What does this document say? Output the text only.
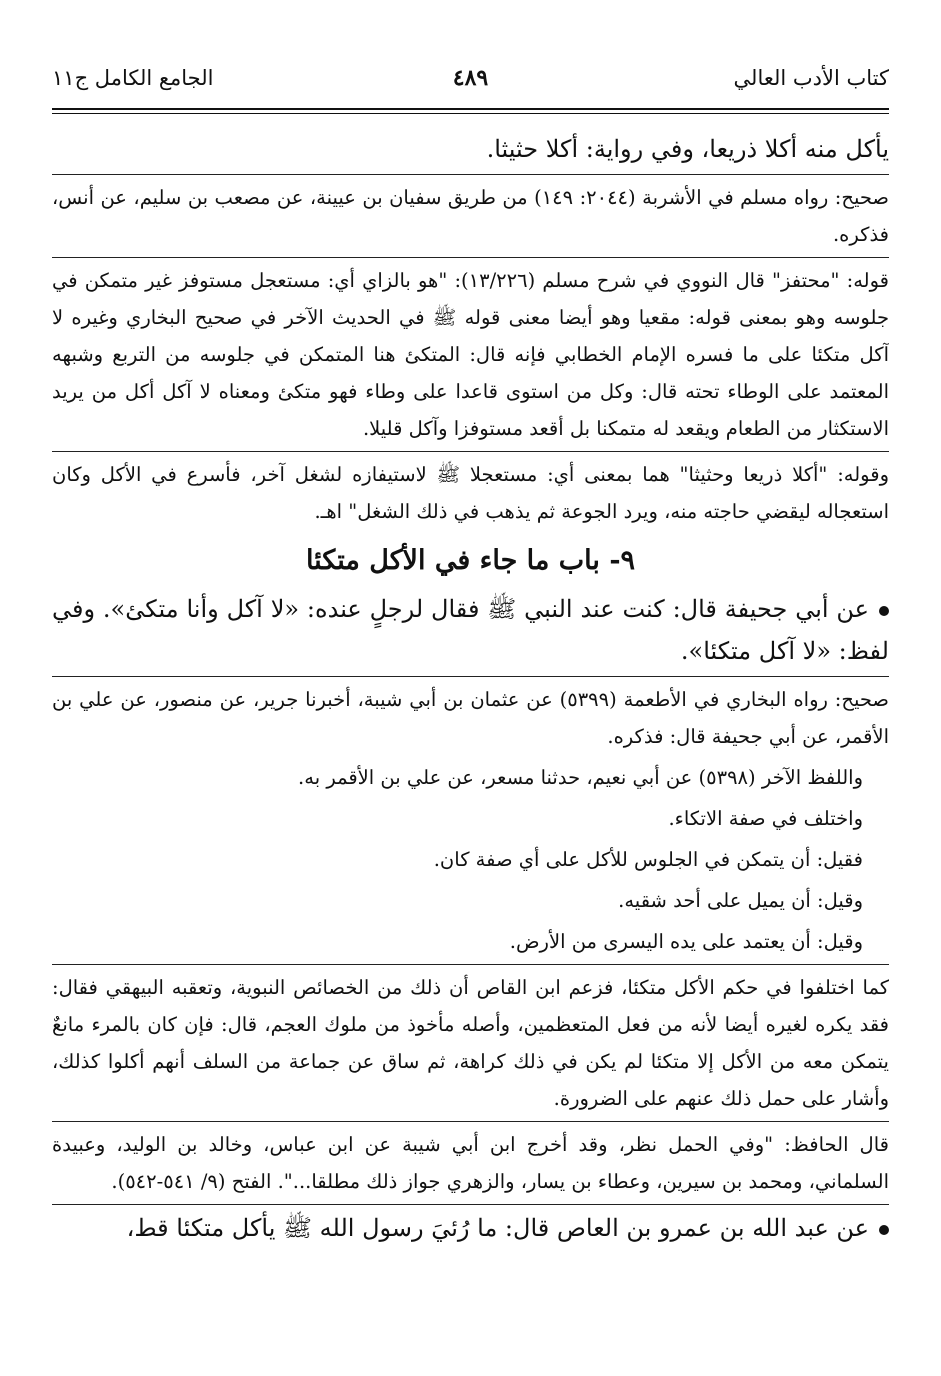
كتاب الأدب العالي
٤٨٩
الجامع الكامل ج١١

يأكل منه أكلا ذريعا، وفي رواية: أكلا حثيثا.

صحيح: رواه مسلم في الأشربة (٢٠٤٤: ١٤٩) من طريق سفيان بن عيينة، عن مصعب بن سليم، عن أنس، فذكره.

قوله: "محتفز" قال النووي في شرح مسلم (١٣/٢٢٦): "هو بالزاي أي: مستعجل مستوفز غير متمكن في جلوسه وهو بمعنى قوله: مقعيا وهو أيضا معنى قوله ﷺ في الحديث الآخر في صحيح البخاري وغيره لا آكل متكئا على ما فسره الإمام الخطابي فإنه قال: المتكئ هنا المتمكن في جلوسه من التربع وشبهه المعتمد على الوطاء تحته قال: وكل من استوى قاعدا على وطاء فهو متكئ ومعناه لا آكل أكل من يريد الاستكثار من الطعام ويقعد له متمكنا بل أقعد مستوفزا وآكل قليلا.

وقوله: "أكلا ذريعا وحثيثا" هما بمعنى أي: مستعجلا ﷺ لاستيفازه لشغل آخر، فأسرع في الأكل وكان استعجاله ليقضي حاجته منه، ويرد الجوعة ثم يذهب في ذلك الشغل" اهـ.

٩- باب ما جاء في الأكل متكئا

عن أبي جحيفة قال: كنت عند النبي ﷺ فقال لرجلٍ عنده: «لا آكل وأنا متكئ». وفي لفظ: «لا آكل متكئا».

صحيح: رواه البخاري في الأطعمة (٥٣٩٩) عن عثمان بن أبي شيبة، أخبرنا جرير، عن منصور، عن علي بن الأقمر، عن أبي جحيفة قال: فذكره.

واللفظ الآخر (٥٣٩٨) عن أبي نعيم، حدثنا مسعر، عن علي بن الأقمر به.

واختلف في صفة الاتكاء.

فقيل: أن يتمكن في الجلوس للأكل على أي صفة كان.

وقيل: أن يميل على أحد شقيه.

وقيل: أن يعتمد على يده اليسرى من الأرض.

كما اختلفوا في حكم الأكل متكئا، فزعم ابن القاص أن ذلك من الخصائص النبوية، وتعقبه البيهقي فقال: فقد يكره لغيره أيضا لأنه من فعل المتعظمين، وأصله مأخوذ من ملوك العجم، قال: فإن كان بالمرء مانعٌ يتمكن معه من الأكل إلا متكئا لم يكن في ذلك كراهة، ثم ساق عن جماعة من السلف أنهم أكلوا كذلك، وأشار على حمل ذلك عنهم على الضرورة.

قال الحافظ: "وفي الحمل نظر، وقد أخرج ابن أبي شيبة عن ابن عباس، وخالد بن الوليد، وعبيدة السلماني، ومحمد بن سيرين، وعطاء بن يسار، والزهري جواز ذلك مطلقا...". الفتح (٩/ ٥٤١-٥٤٢).

عن عبد الله بن عمرو بن العاص قال: ما رُئيَ رسول الله ﷺ يأكل متكئا قط،
